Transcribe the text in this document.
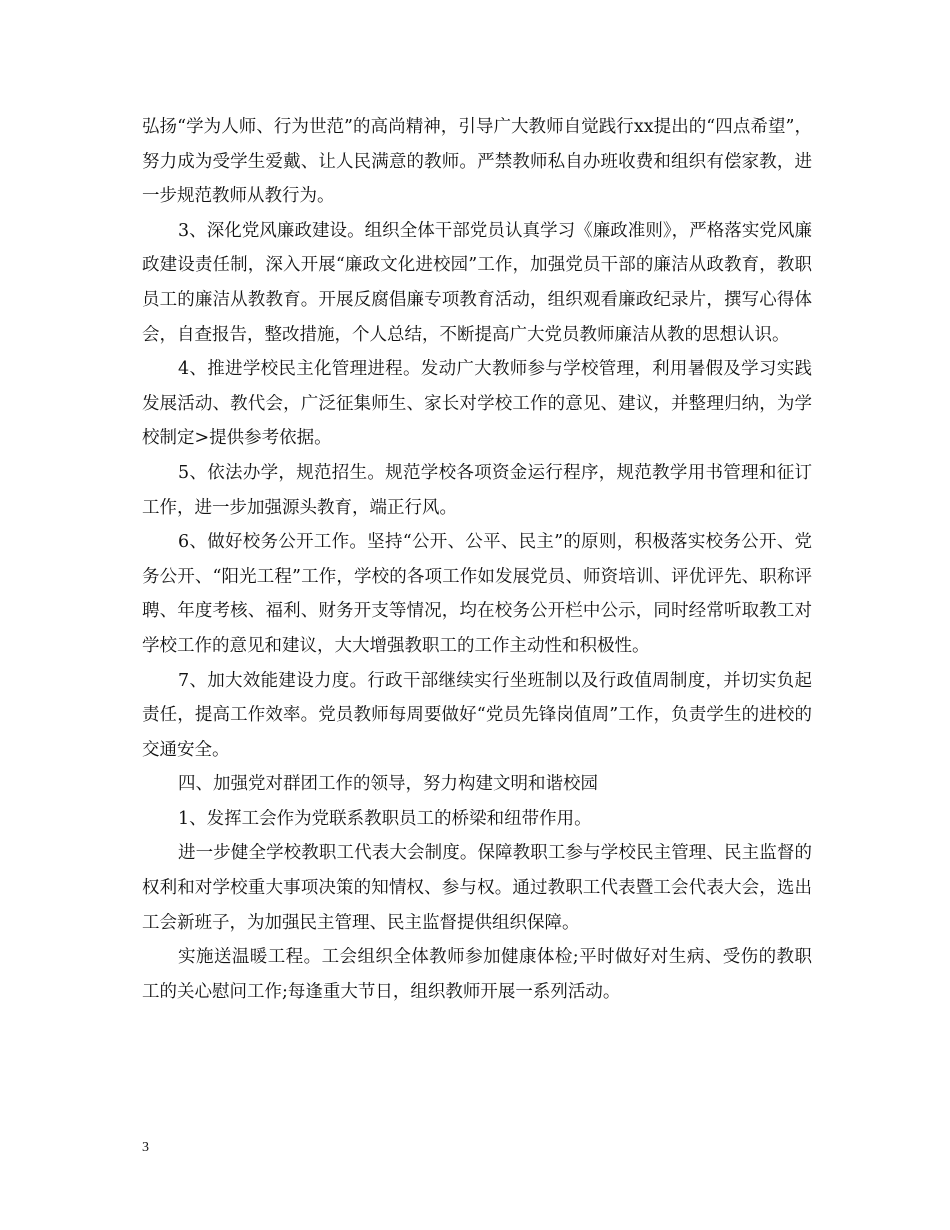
弘扬“学为人师、行为世范”的高尚精神，引导广大教师自觉践行xx提出的“四点希望”，努力成为受学生爱戴、让人民满意的教师。严禁教师私自办班收费和组织有偿家教，进一步规范教师从教行为。

3、深化党风廉政建设。组织全体干部党员认真学习《廉政准则》，严格落实党风廉政建设责任制，深入开展“廉政文化进校园”工作，加强党员干部的廉洁从政教育，教职员工的廉洁从教教育。开展反腐倡廉专项教育活动，组织观看廉政纪录片，撰写心得体会，自查报告，整改措施，个人总结，不断提高广大党员教师廉洁从教的思想认识。

4、推进学校民主化管理进程。发动广大教师参与学校管理，利用暑假及学习实践发展活动、教代会，广泛征集师生、家长对学校工作的意见、建议，并整理归纳，为学校制定>提供参考依据。

5、依法办学，规范招生。规范学校各项资金运行程序，规范教学用书管理和征订工作，进一步加强源头教育，端正行风。

6、做好校务公开工作。坚持“公开、公平、民主”的原则，积极落实校务公开、党务公开、“阳光工程”工作，学校的各项工作如发展党员、师资培训、评优评先、职称评聘、年度考核、福利、财务开支等情况，均在校务公开栏中公示，同时经常听取教工对学校工作的意见和建议，大大增强教职工的工作主动性和积极性。

7、加大效能建设力度。行政干部继续实行坐班制以及行政值周制度，并切实负起责任，提高工作效率。党员教师每周要做好“党员先锋岗值周”工作，负责学生的进校的交通安全。

四、加强党对群团工作的领导，努力构建文明和谐校园

1、发挥工会作为党联系教职员工的桥梁和纽带作用。

进一步健全学校教职工代表大会制度。保障教职工参与学校民主管理、民主监督的权利和对学校重大事项决策的知情权、参与权。通过教职工代表暨工会代表大会，选出工会新班子，为加强民主管理、民主监督提供组织保障。

实施送温暖工程。工会组织全体教师参加健康体检;平时做好对生病、受伤的教职工的关心慰问工作;每逢重大节日，组织教师开展一系列活动。

3
